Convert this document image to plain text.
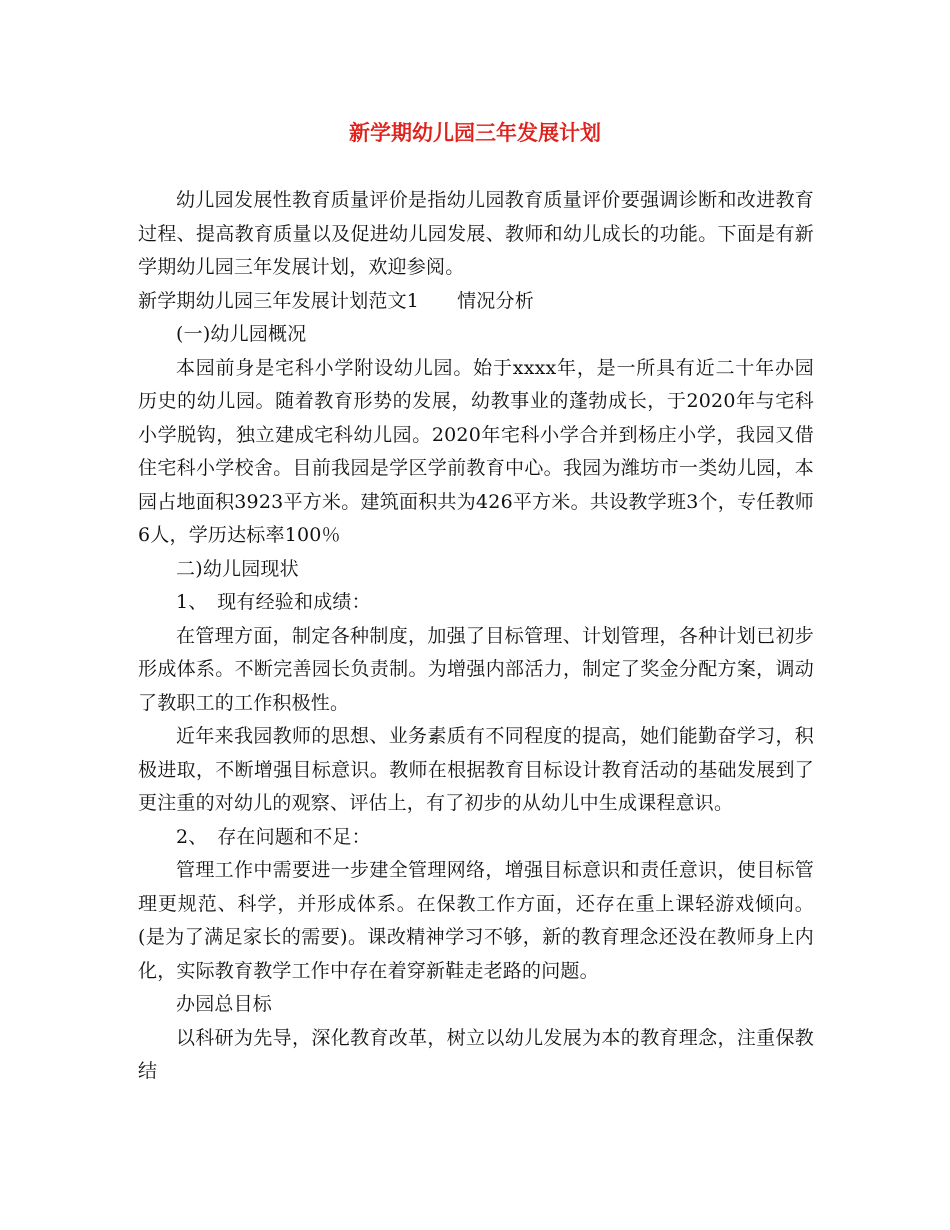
新学期幼儿园三年发展计划

幼儿园发展性教育质量评价是指幼儿园教育质量评价要强调诊断和改进教育过程、提高教育质量以及促进幼儿园发展、教师和幼儿成长的功能。下面是有新学期幼儿园三年发展计划，欢迎参阅。

新学期幼儿园三年发展计划范文1 情况分析

(一)幼儿园概况

本园前身是宅科小学附设幼儿园。始于xxxx年，是一所具有近二十年办园历史的幼儿园。随着教育形势的发展，幼教事业的蓬勃成长，于2020年与宅科小学脱钩，独立建成宅科幼儿园。2020年宅科小学合并到杨庄小学，我园又借住宅科小学校舍。目前我园是学区学前教育中心。我园为潍坊市一类幼儿园，本园占地面积3923平方米。建筑面积共为426平方米。共设教学班3个，专任教师6人，学历达标率100％

二)幼儿园现状

1、　现有经验和成绩：

在管理方面，制定各种制度，加强了目标管理、计划管理，各种计划已初步形成体系。不断完善园长负责制。为增强内部活力，制定了奖金分配方案，调动了教职工的工作积极性。

近年来我园教师的思想、业务素质有不同程度的提高，她们能勤奋学习，积极进取，不断增强目标意识。教师在根据教育目标设计教育活动的基础发展到了更注重的对幼儿的观察、评估上，有了初步的从幼儿中生成课程意识。

2、　存在问题和不足：

管理工作中需要进一步建全管理网络，增强目标意识和责任意识，使目标管理更规范、科学，并形成体系。在保教工作方面，还存在重上课轻游戏倾向。(是为了满足家长的需要)。课改精神学习不够，新的教育理念还没在教师身上内化，实际教育教学工作中存在着穿新鞋走老路的问题。

办园总目标

以科研为先导，深化教育改革，树立以幼儿发展为本的教育理念，注重保教结
